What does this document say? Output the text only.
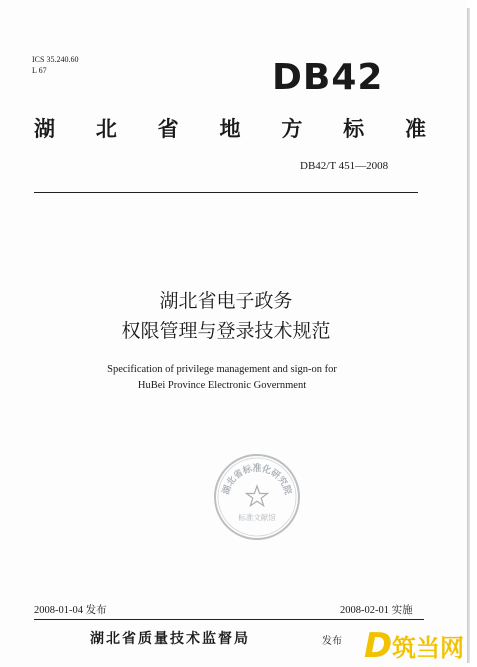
ICS 35.240.60
L 67	DB42
湖 北 省 地 方 标 准
DB42/T 451—2008
湖北省电子政务
权限管理与登录技术规范
Specification of privilege management and sign-on for
HuBei Province Electronic Government
湖北省标准化研究院
标准文献馆
2008-01-04 发布	2008-02-01 实施
湖北省质量技术监督局	发布 D 筑当网
